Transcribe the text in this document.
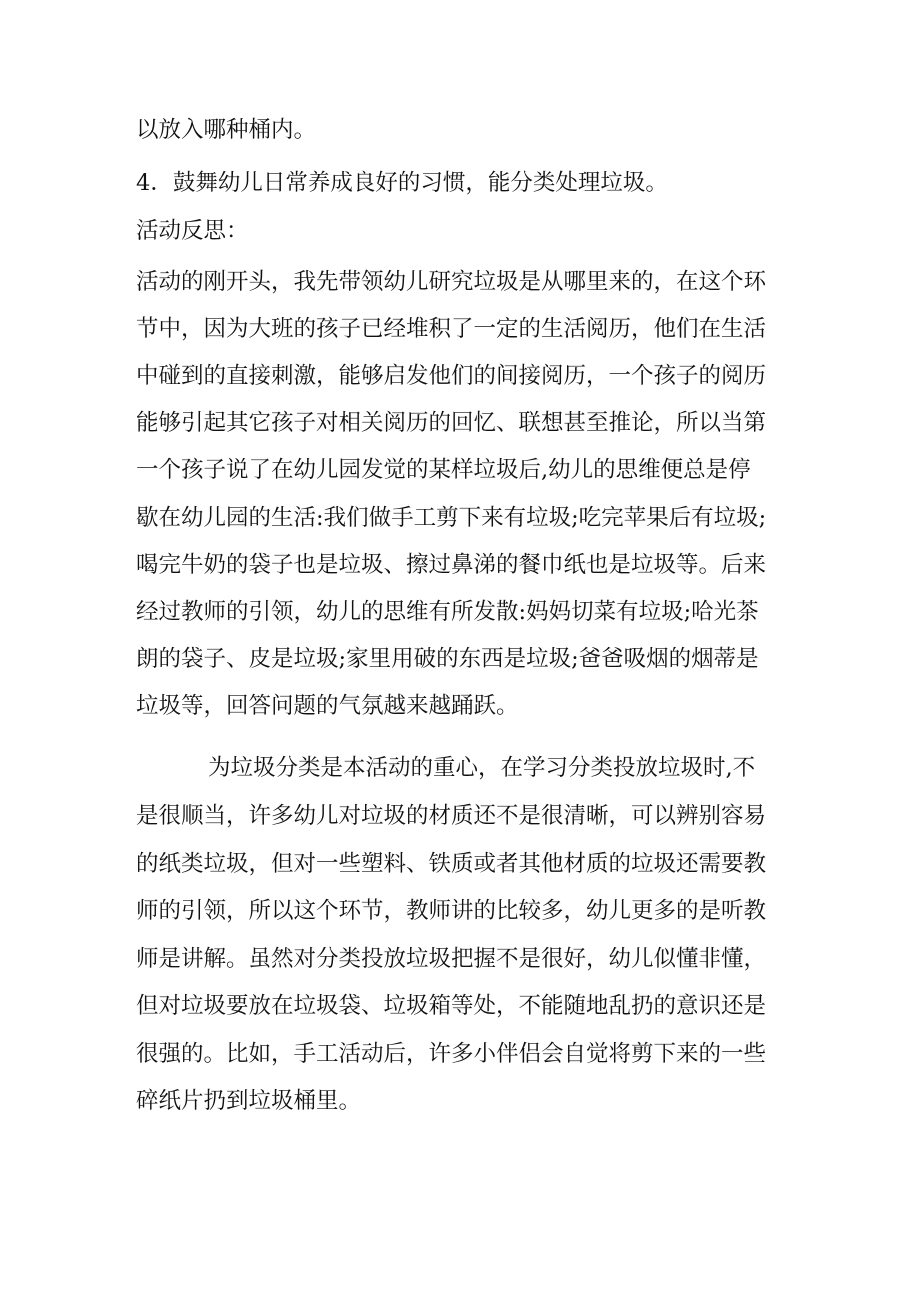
以放入哪种桶内。
4．鼓舞幼儿日常养成良好的习惯，能分类处理垃圾。
活动反思：
活动的刚开头，我先带领幼儿研究垃圾是从哪里来的，在这个环
节中，因为大班的孩子已经堆积了一定的生活阅历，他们在生活
中碰到的直接刺激，能够启发他们的间接阅历，一个孩子的阅历
能够引起其它孩子对相关阅历的回忆、联想甚至推论，所以当第
一个孩子说了在幼儿园发觉的某样垃圾后,幼儿的思维便总是停
歇在幼儿园的生活:我们做手工剪下来有垃圾;吃完苹果后有垃圾;
喝完牛奶的袋子也是垃圾、擦过鼻涕的餐巾纸也是垃圾等。后来
经过教师的引领，幼儿的思维有所发散:妈妈切菜有垃圾;哈光茶
朗的袋子、皮是垃圾;家里用破的东西是垃圾;爸爸吸烟的烟蒂是
垃圾等，回答问题的气氛越来越踊跃。
为垃圾分类是本活动的重心，在学习分类投放垃圾时,不
是很顺当，许多幼儿对垃圾的材质还不是很清晰，可以辨别容易
的纸类垃圾，但对一些塑料、铁质或者其他材质的垃圾还需要教
师的引领，所以这个环节，教师讲的比较多，幼儿更多的是听教
师是讲解。虽然对分类投放垃圾把握不是很好，幼儿似懂非懂，
但对垃圾要放在垃圾袋、垃圾箱等处，不能随地乱扔的意识还是
很强的。比如，手工活动后，许多小伴侣会自觉将剪下来的一些
碎纸片扔到垃圾桶里。
